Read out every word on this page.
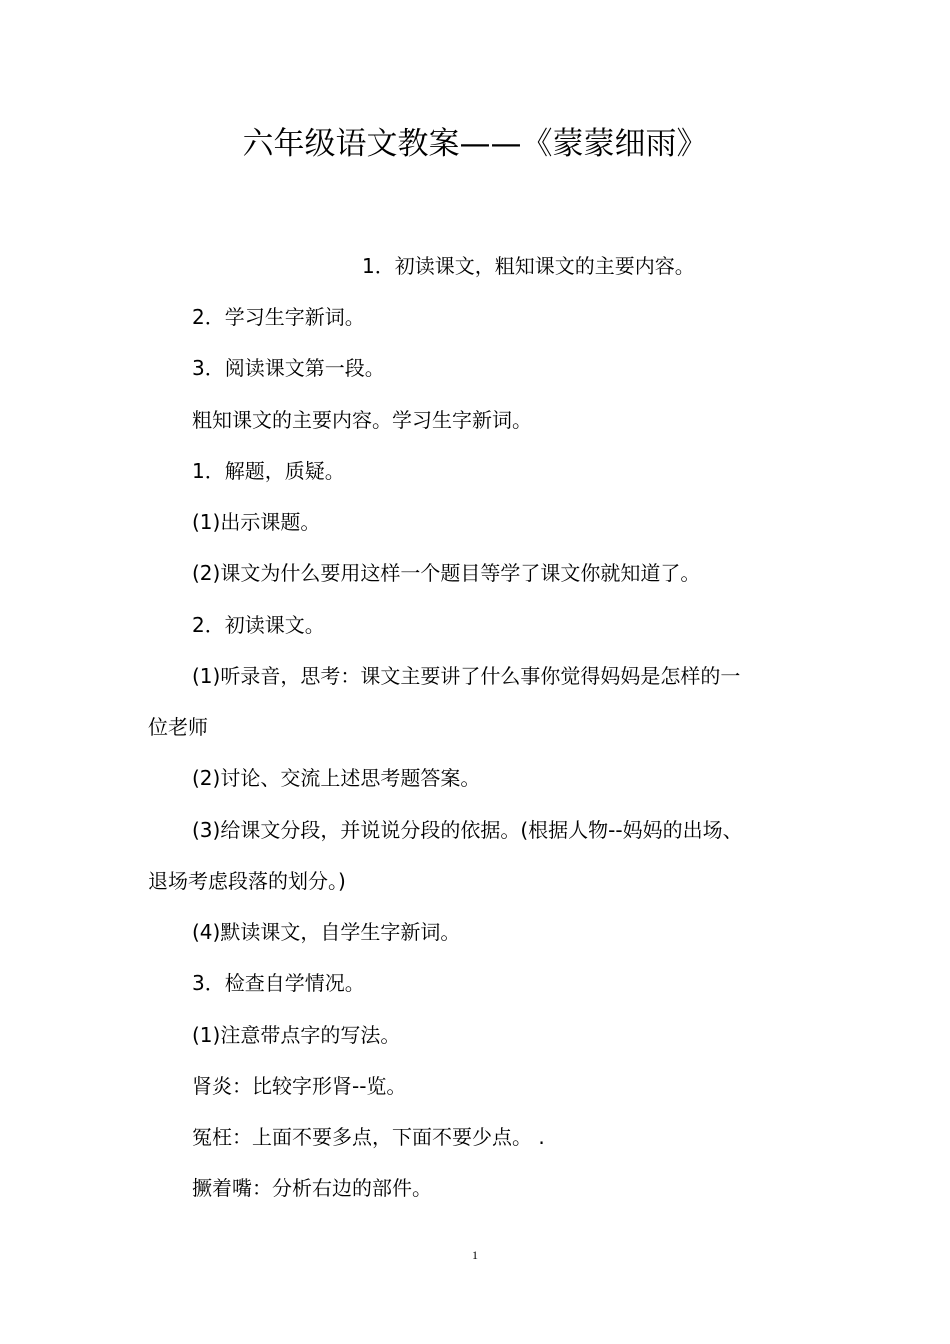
六年级语文教案——《蒙蒙细雨》
1．初读课文，粗知课文的主要内容。
2．学习生字新词。
3．阅读课文第一段。
粗知课文的主要内容。学习生字新词。
1．解题，质疑。
(1)出示课题。
(2)课文为什么要用这样一个题目等学了课文你就知道了。
2．初读课文。
(1)听录音，思考：课文主要讲了什么事你觉得妈妈是怎样的一
位老师
(2)讨论、交流上述思考题答案。
(3)给课文分段，并说说分段的依据。(根据人物--妈妈的出场、
退场考虑段落的划分。)
(4)默读课文，自学生字新词。
3．检查自学情况。
(1)注意带点字的写法。
肾炎：比较字形肾--览。
冤枉：上面不要多点，下面不要少点。 .
撅着嘴：分析右边的部件。
1
